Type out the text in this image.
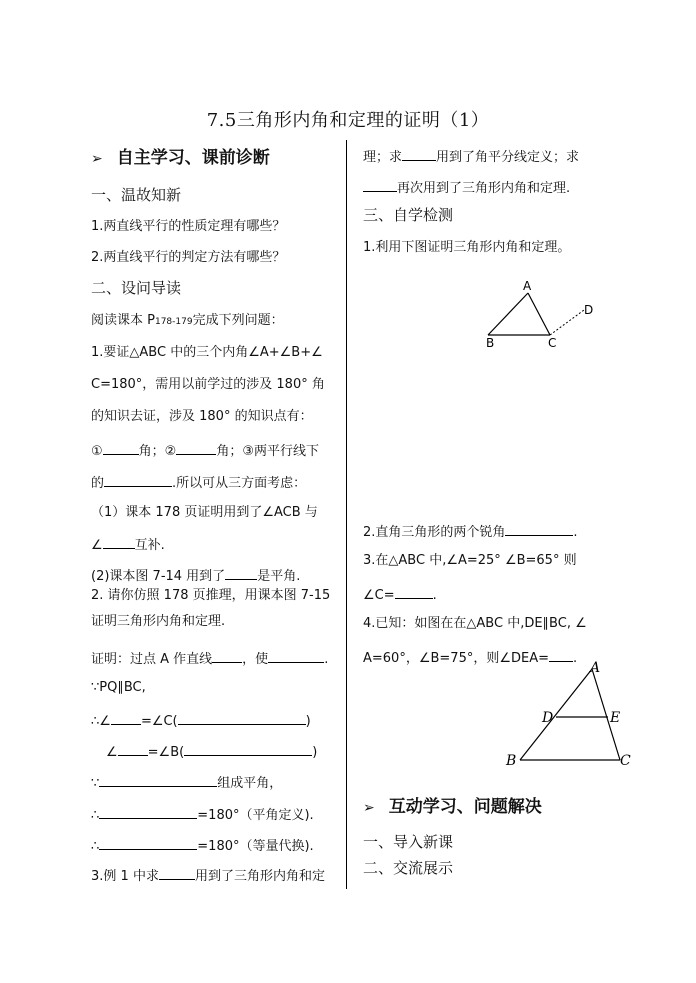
7.5三角形内角和定理的证明（1）
➢ 自主学习、课前诊断
一、温故知新
1.两直线平行的性质定理有哪些？
2.两直线平行的判定方法有哪些？
二、设问导读
阅读课本 P178-179完成下列问题：
1.要证△ABC 中的三个内角∠A+∠B+∠
C=180°，需用以前学过的涉及 180° 角
的知识去证，涉及 180° 的知识点有：
①	角；②	角；③两平行线下
的	.所以可从三方面考虑：
（1）课本 178 页证明用到了∠ACB 与
∠ 互补.
(2)课本图 7-14 用到了 是平角.
2. 请你仿照 178 页推理，用课本图 7-15
证明三角形内角和定理.
证明：过点 A 作直线 ，使	.
∵PQ∥BC,
∴∠ =∠C(	)
∠ =∠B(	)
∵	组成平角，
∴	=180°（平角定义).
∴	=180°（等量代换).
3.例 1 中求	用到了三角形内角和定
理；求	用到了角平分线定义；求
再次用到了三角形内角和定理.
三、自学检测
1.利用下图证明三角形内角和定理。
A
B	C
D
2.直角三角形的两个锐角	.
3.在△ABC 中,∠A=25° ∠B=65° 则
∠C=	.
4.已知：如图在在△ABC 中,DE∥BC, ∠
A=60°，∠B=75°，则∠DEA= .
A
D	E
B	C
➢ 互动学习、问题解决
一、导入新课
二、交流展示
